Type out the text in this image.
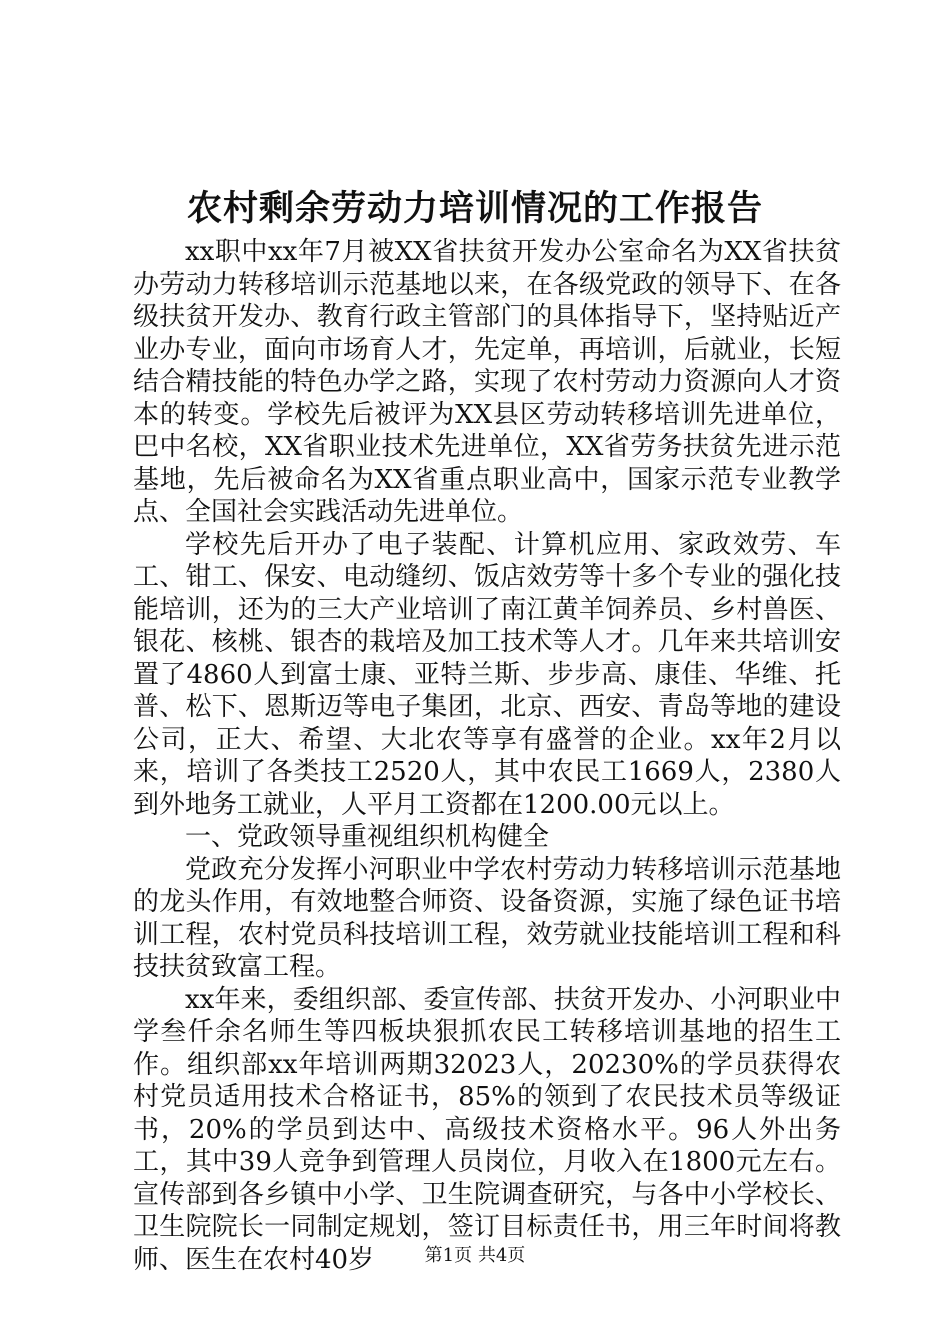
农村剩余劳动力培训情况的工作报告

xx职中xx年7月被XX省扶贫开发办公室命名为XX省扶贫办劳动力转移培训示范基地以来，在各级党政的领导下、在各级扶贫开发办、教育行政主管部门的具体指导下，坚持贴近产业办专业，面向市场育人才，先定单，再培训，后就业，长短结合精技能的特色办学之路，实现了农村劳动力资源向人才资本的转变。学校先后被评为XX县区劳动转移培训先进单位，巴中名校，XX省职业技术先进单位，XX省劳务扶贫先进示范基地，先后被命名为XX省重点职业高中，国家示范专业教学点、全国社会实践活动先进单位。

学校先后开办了电子装配、计算机应用、家政效劳、车工、钳工、保安、电动缝纫、饭店效劳等十多个专业的强化技能培训，还为的三大产业培训了南江黄羊饲养员、乡村兽医、银花、核桃、银杏的栽培及加工技术等人才。几年来共培训安置了4860人到富士康、亚特兰斯、步步高、康佳、华维、托普、松下、恩斯迈等电子集团，北京、西安、青岛等地的建设公司，正大、希望、大北农等享有盛誉的企业。xx年2月以来，培训了各类技工2520人，其中农民工1669人，2380人到外地务工就业，人平月工资都在1200.00元以上。

一、党政领导重视组织机构健全

党政充分发挥小河职业中学农村劳动力转移培训示范基地的龙头作用，有效地整合师资、设备资源，实施了绿色证书培训工程，农村党员科技培训工程，效劳就业技能培训工程和科技扶贫致富工程。

xx年来，委组织部、委宣传部、扶贫开发办、小河职业中学叁仟余名师生等四板块狠抓农民工转移培训基地的招生工作。组织部xx年培训两期32023人，20230%的学员获得农村党员适用技术合格证书，85%的领到了农民技术员等级证书，20%的学员到达中、高级技术资格水平。96人外出务工，其中39人竞争到管理人员岗位，月收入在1800元左右。宣传部到各乡镇中小学、卫生院调查研究，与各中小学校长、卫生院院长一同制定规划，签订目标责任书，用三年时间将教师、医生在农村40岁	第1页 共4页
